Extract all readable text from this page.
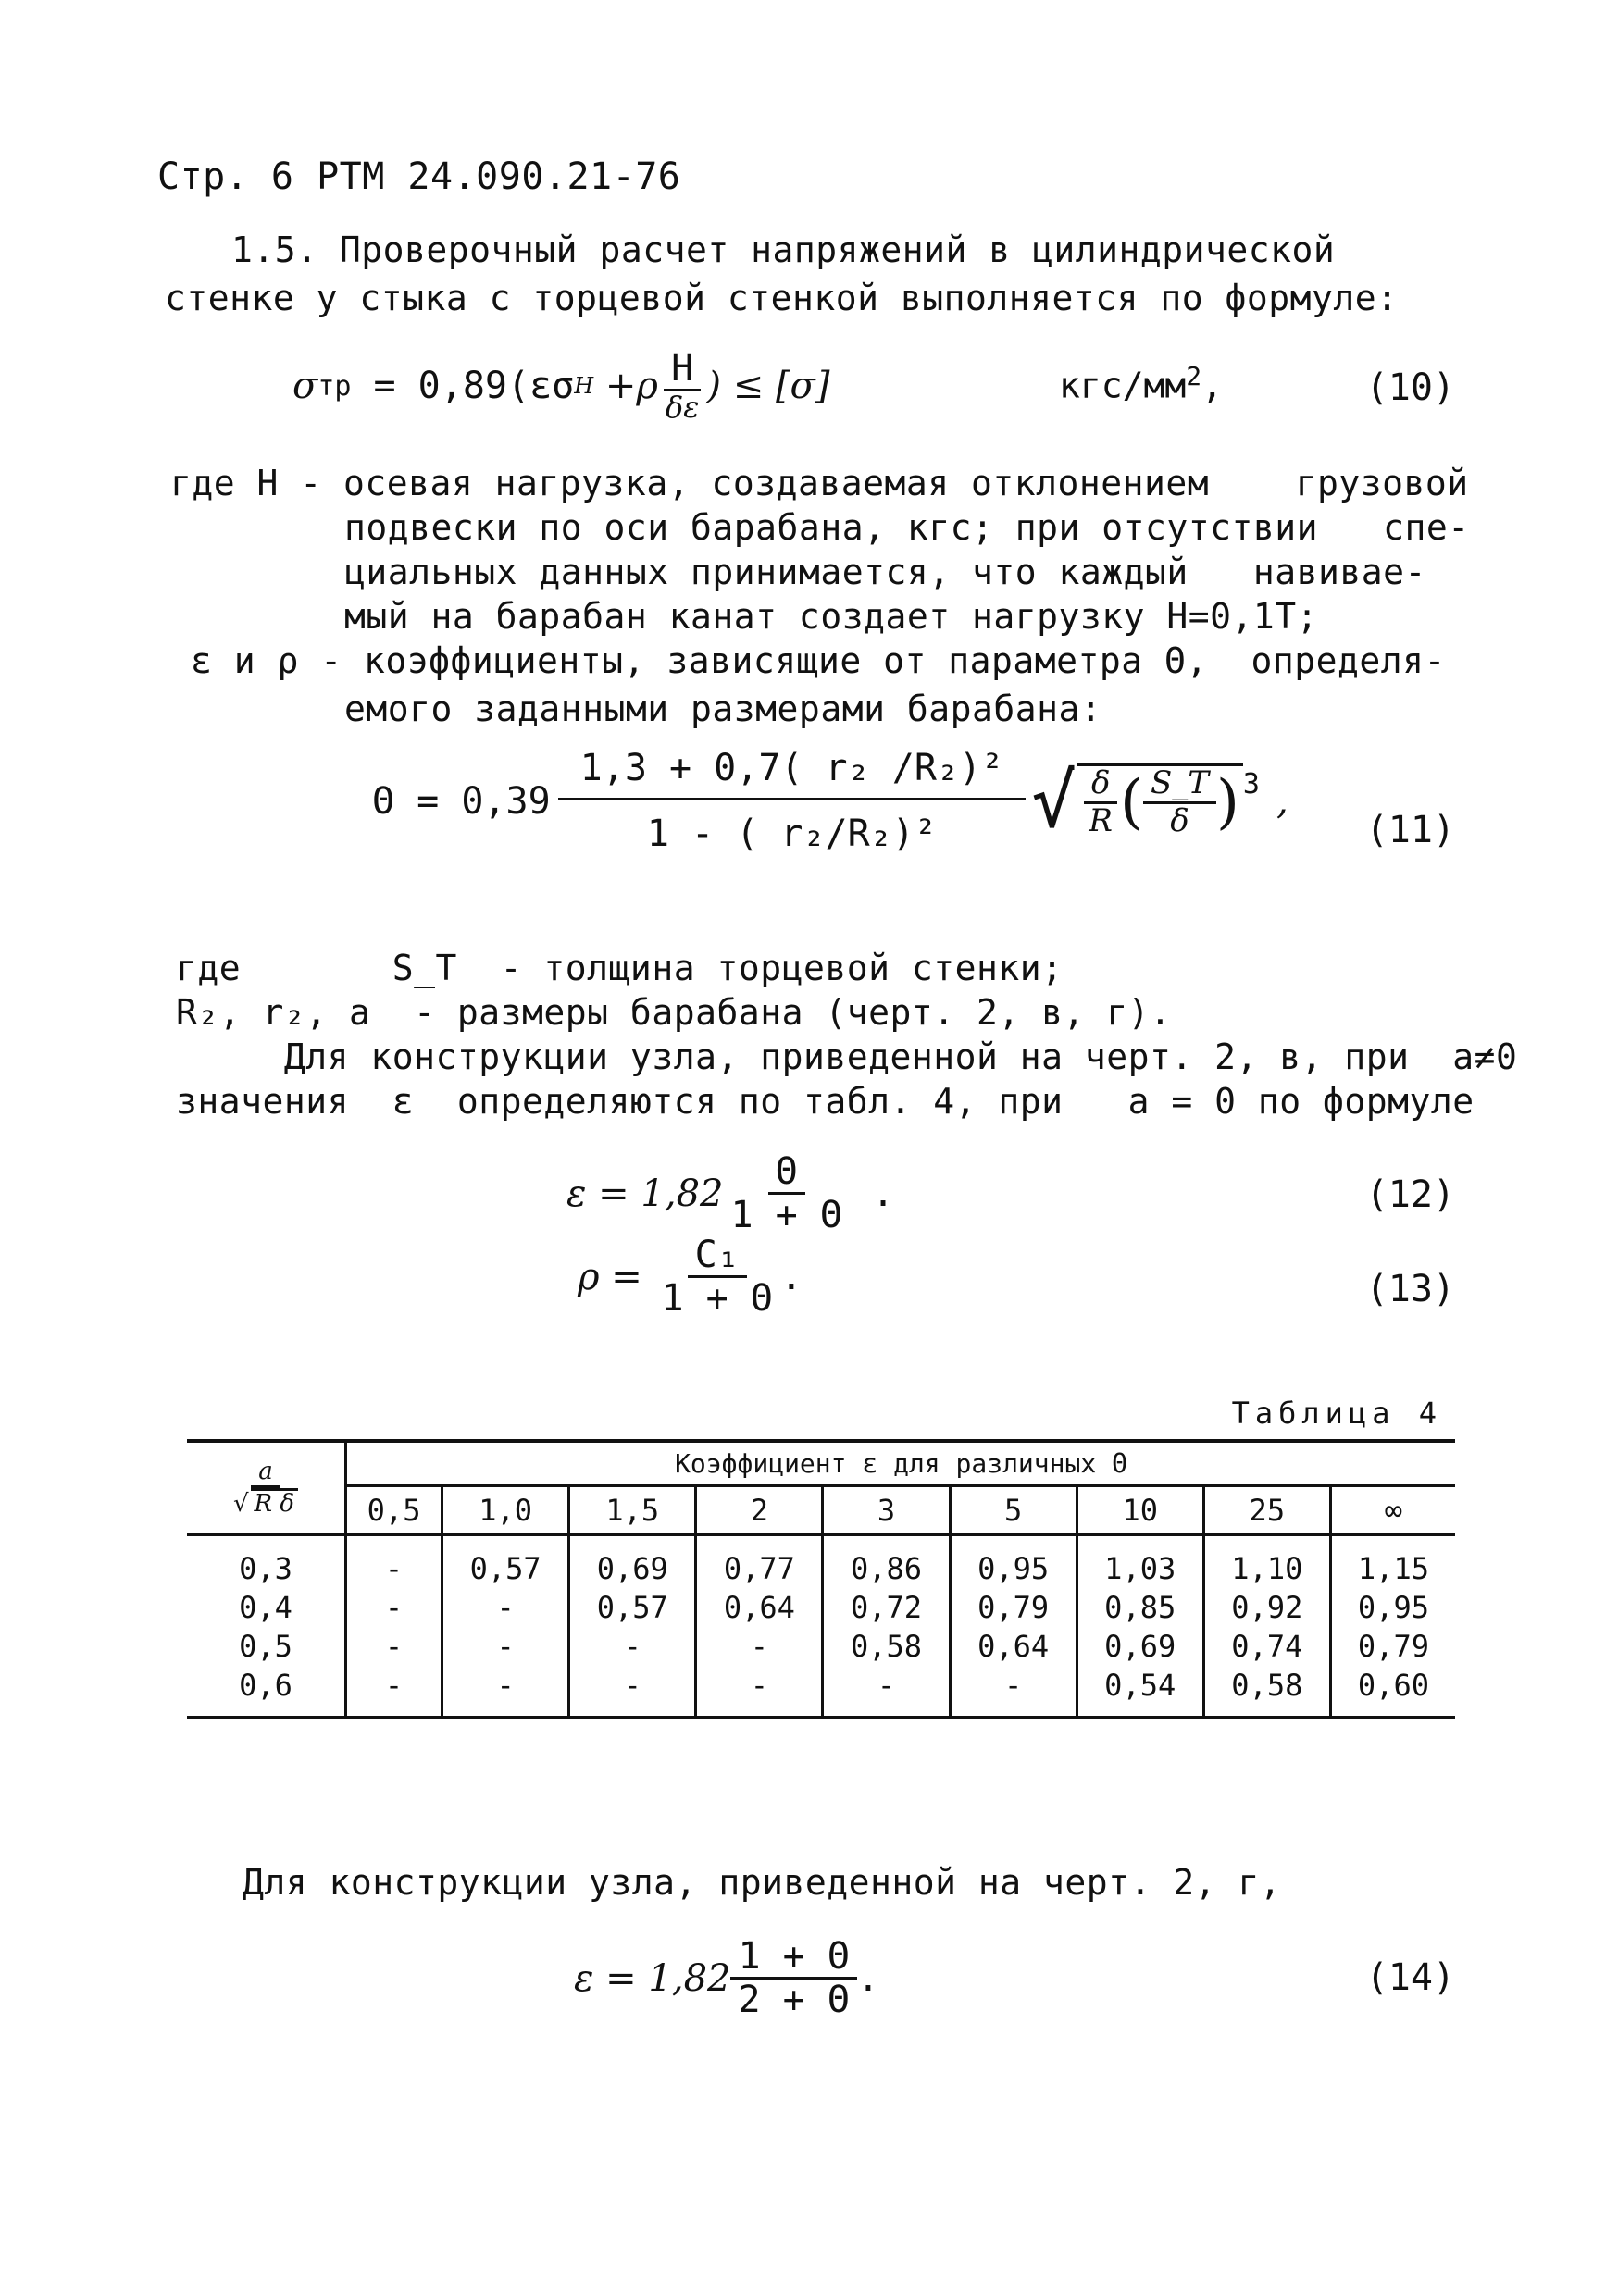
Стр. 6 РТМ 24.090.21-76
1.5. Проверочный расчет напряжений в цилиндрической
стенке у стыка с торцевой стенкой выполняется по формуле:
σ тр = 0,89(εσ $H +\rho \frac{H}{\delta\varepsilon}$ ) ≤ [σ]	кгс/$мм^2$,	(10)
где H - осевая нагрузка, создаваемая отклонением    грузовой
подвески по оси барабана, кгс; при отсутствии   спе-
циальных данных принимается, что каждый   навивае-
мый на барабан канат создает нагрузку H=0,1T;
ε и ρ - коэффициенты, зависящие от параметра Θ,  определя-
емого заданными размерами барабана:
$\Theta = 0,39 \frac{\text{1,3 + 0,7( r₂ /R₂)²}}{\text{1 - ( r₂/R₂)²}}$ √ $\frac{\delta}{R}$ ( $\frac{S\_T}{\delta} )^3$ ,
(11)
где       S_T  - толщина торцевой стенки;
R₂, r₂, a  - размеры барабана (черт. 2, в, г).
Для конструкции узла, приведенной на черт. 2, в, при  a≠0
значения  ε  определяются по табл. 4, при   a = 0 по формуле
$\varepsilon = 1,82 \frac{\Theta}{1 + \Theta}$ .	(12)
$\rho = \frac{\text{C₁}}{1 + \Theta}$ .	(13)
Таблица 4
$\frac{a}{\text{√ R δ}}$	Коэффициент ε для различных Θ								
	0,5	1,0	1,5	2	3	5	10	25	∞
0,3	-	0,57	0,69	0,77	0,86	0,95	1,03	1,10	1,15
0,4	-	-	0,57	0,64	0,72	0,79	0,85	0,92	0,95
0,5	-	-	-	-	0,58	0,64	0,69	0,74	0,79
0,6	-	-	-	-	-	-	0,54	0,58	0,60
Для конструкции узла, приведенной на черт. 2, г,
$\varepsilon = 1,82 \frac{1 + \Theta}{2 + \Theta}$ .	(14)
